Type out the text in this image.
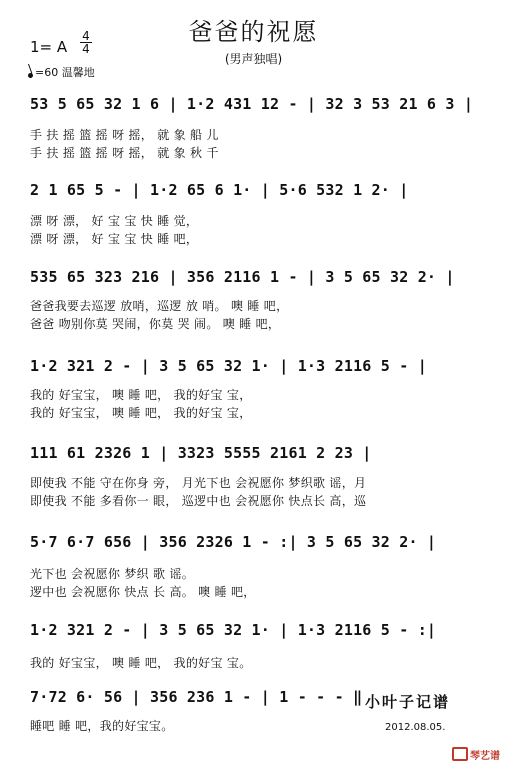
爸爸的祝愿
(男声独唱)
1= A
4
4
=60 温馨地
53 5 65 32 1 6 | 1·2 431 12 - | 32 3 53 21 6 3 |
手 扶 摇 篮 摇 呀 摇， 就 象 船 儿
手 扶 摇 篮 摇 呀 摇， 就 象 秋 千
2 1 65 5 - | 1·2 65 6 1· | 5·6 532 1 2· |
漂 呀 漂， 好 宝 宝 快 睡 觉，
漂 呀 漂， 好 宝 宝 快 睡 吧，
535 65 323 216 | 356 2116 1 - | 3 5 65 32 2· |
爸爸我要去巡逻 放哨，巡逻 放 哨。 噢 睡 吧，
爸爸 吻别你莫 哭闹，你莫 哭 闹。 噢 睡 吧，
1·2 321 2 - | 3 5 65 32 1· | 1·3 2116 5 - |
我的 好宝宝， 噢 睡 吧， 我的好宝 宝，
我的 好宝宝， 噢 睡 吧， 我的好宝 宝，
111 61 2326 1 | 3323 5555 2161 2 23 |
即使我 不能 守在你身 旁， 月光下也 会祝愿你 梦织歌 谣，月
即使我 不能 多看你一 眼， 巡逻中也 会祝愿你 快点长 高，巡
5·7 6·7 656 | 356 2326 1 - :| 3 5 65 32 2· |
光下也 会祝愿你 梦织 歌 谣。
逻中也 会祝愿你 快点 长 高。 噢 睡 吧，
1·2 321 2 - | 3 5 65 32 1· | 1·3 2116 5 - :|
我的 好宝宝， 噢 睡 吧， 我的好宝 宝。
7·72 6· 56 | 356 236 1 - | 1 - - - ‖
睡吧 睡 吧，我的好宝宝。
小叶子记谱
2012.08.05.
琴艺谱
